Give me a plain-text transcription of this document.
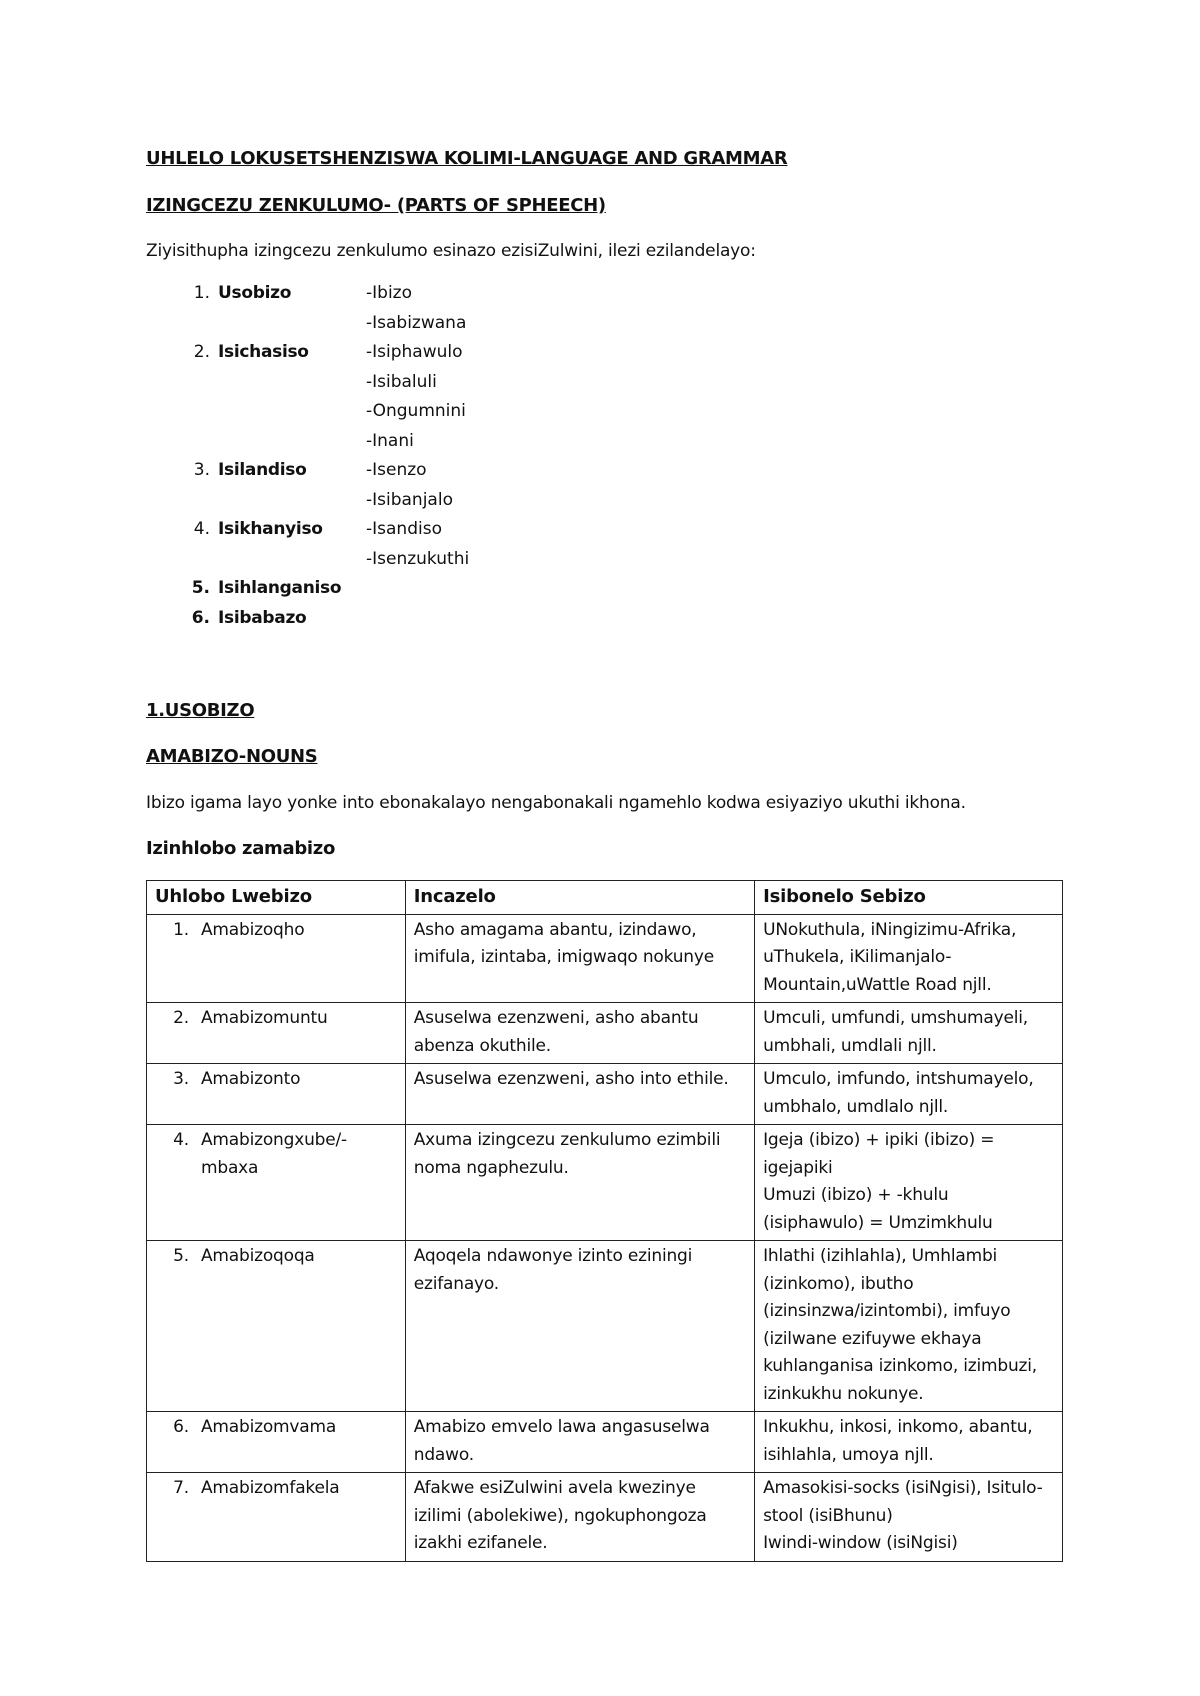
UHLELO LOKUSETSHENZISWA KOLIMI-LANGUAGE AND GRAMMAR
IZINGCEZU ZENKULUMO- (PARTS OF SPHEECH)
Ziyisithupha izingcezu zenkulumo esinazo ezisiZulwini, ilezi ezilandelayo:
1. Usobizo	-Ibizo
-Isabizwana
2. Isichasiso	-Isiphawulo
-Isibaluli
-Ongumnini
-Inani
3. Isilandiso	-Isenzo
-Isibanjalo
4. Isikhanyiso	-Isandiso
-Isenzukuthi
5. Isihlanganiso
6. Isibabazo
1.USOBIZO
AMABIZO-NOUNS
Ibizo igama layo yonke into ebonakalayo nengabonakali ngamehlo kodwa esiyaziyo ukuthi ikhona.
Izinhlobo zamabizo
Uhlobo Lwebizo	Incazelo	Isibonelo Sebizo

1. Amabizoqho	Asho amagama abantu, izindawo, imifula, izintaba, imigwaqo nokunye	UNokuthula, iNingizimu-Afrika, uThukela, iKilimanjalo-Mountain,uWattle Road njll.

2. Amabizomuntu	Asuselwa ezenzweni, asho abantu abenza okuthile.	Umculi, umfundi, umshumayeli, umbhali, umdlali njll.

3. Amabizonto	Asuselwa ezenzweni, asho into ethile.	Umculo, imfundo, intshumayelo, umbhalo, umdlalo njll.

4. Amabizongxube/-mbaxa	Axuma izingcezu zenkulumo ezimbili noma ngaphezulu.	Igeja (ibizo) + ipiki (ibizo) = igejapiki
Umuzi (ibizo) + -khulu (isiphawulo) = Umzimkhulu

5. Amabizoqoqa	Aqoqela ndawonye izinto eziningi ezifanayo.	Ihlathi (izihlahla), Umhlambi (izinkomo), ibutho (izinsinzwa/izintombi), imfuyo (izilwane ezifuywe ekhaya kuhlanganisa izinkomo, izimbuzi, izinkukhu nokunye.

6. Amabizomvama	Amabizo emvelo lawa angasuselwa ndawo.	Inkukhu, inkosi, inkomo, abantu, isihlahla, umoya njll.

7. Amabizomfakela	Afakwe esiZulwini avela kwezinye izilimi (abolekiwe), ngokuphongoza izakhi ezifanele.	Amasokisi-socks (isiNgisi), Isitulo-stool (isiBhunu)
Iwindi-window (isiNgisi)
